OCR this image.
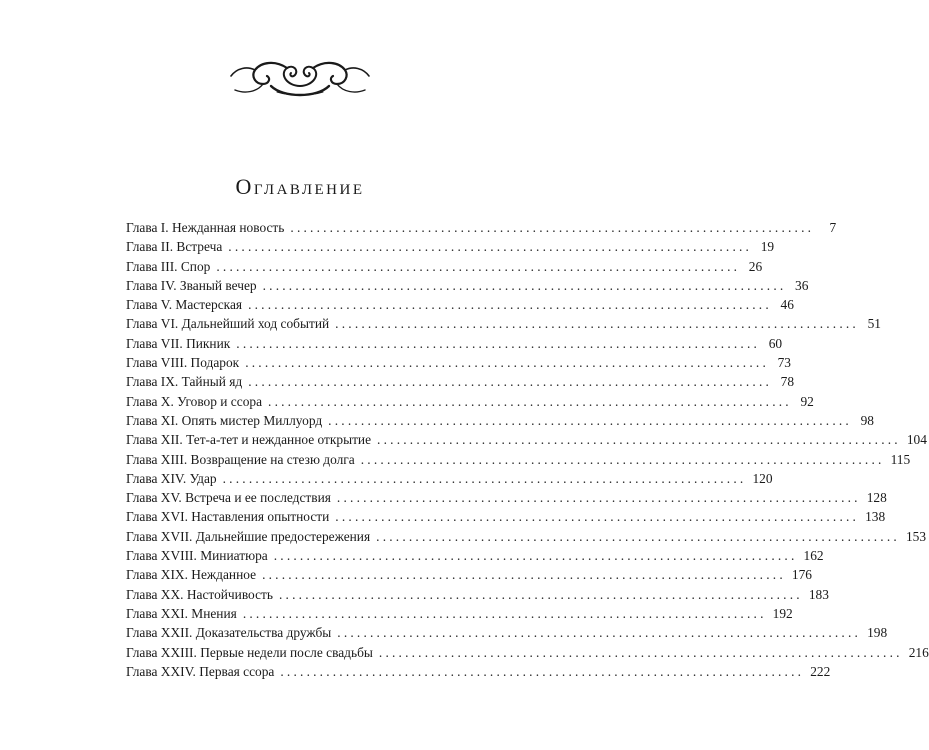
Оглавление
Глава I. Нежданная новость ................................................................................	7
Глава II. Встреча ................................................................................ 19
Глава III. Спор ................................................................................ 26
Глава IV. Званый вечер ................................................................................ 36
Глава V. Мастерская ................................................................................ 46
Глава VI. Дальнейший ход событий ................................................................................ 51
Глава VII. Пикник ................................................................................ 60
Глава VIII. Подарок ................................................................................ 73
Глава IX. Тайный яд ................................................................................ 78
Глава X. Уговор и ссора ................................................................................ 92
Глава XI. Опять мистер Миллуорд ................................................................................ 98
Глава XII. Тет-а-тет и нежданное открытие ................................................................................ 104
Глава XIII. Возвращение на стезю долга ................................................................................ 115
Глава XIV. Удар ................................................................................ 120
Глава XV. Встреча и ее последствия ................................................................................ 128
Глава XVI. Наставления опытности ................................................................................ 138
Глава XVII. Дальнейшие предостережения ................................................................................ 153
Глава XVIII. Миниатюра ................................................................................ 162
Глава XIX. Нежданное ................................................................................ 176
Глава XX. Настойчивость ................................................................................ 183
Глава XXI. Мнения ................................................................................ 192
Глава XXII. Доказательства дружбы ................................................................................ 198
Глава XXIII. Первые недели после свадьбы ................................................................................ 216
Глава XXIV. Первая ссора ................................................................................ 222
